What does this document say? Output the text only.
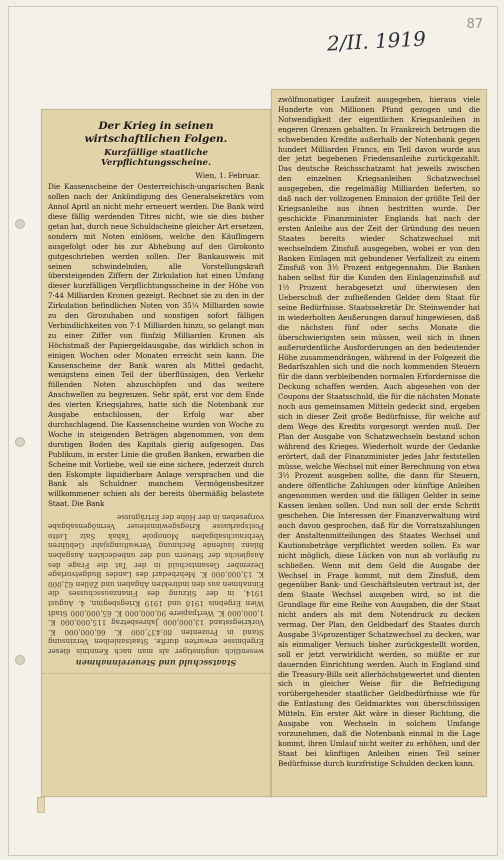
87
2/II. 1919
Der Krieg in seinen wirtschaftlichen Folgen.
Kurzfällige staatliche Verpflichtungsscheine.
Wien, 1. Februar.
Die Kassenscheine der Oesterreichisch-ungarischen Bank sollen nach der Ankündigung des Generalsekretärs vom Annol April an nicht mehr erneuert werden. Die Bank wird diese fällig werdenden Titres nicht, wie sie dies bisher getan hat, durch neue Schuldscheine gleicher Art ersetzen, sondern mit Noten einlösen, welche den Käuflingern ausgefolgt oder bis zur Abhebung auf den Girokonto gutgeschrieben werden sollen. Der Bankausweis mit seinen schwindelnden, alle Vorstellungskraft übersteigenden Ziffern der Zirkulation hat einen Umfang dieser kurzfälligen Verpflichtungsscheine in der Höhe von 7·44 Milliarden Kronen gezeigt. Rechnet sie zu den in der Zirkulation befindlichen Noten von 35¼ Milliarden sowie zu den Girozuhaben und sonstigen sofort fälligen Verbindlichkeiten von 7·1 Milliarden hinzu, so gelangt man zu einer Ziffer von fünfzig Milliarden Kronen als Höchstmaß der Papiergeldausgabe, das wirklich schon in einigen Wochen oder Monaten erreicht sein kann. Die Kassenscheine der Bank waren als Mittel gedacht, wenigstens einen Teil der überflüssigen, den Verkehr füllenden Noten abzuschöpfen und das weitere Anschwellen zu begrenzen. Sehr spät, erst vor dem Ende des vierten Kriegsjahres, hatte sich die Notenbank zur Ausgabe entschlossen, der Erfolg war aber durchschlagend. Die Kassenscheine wurden von Woche zu Woche in steigenden Beträgen abgenommen, von dem durstigen Boden des Kapitals gierig aufgesogen. Das Publikum, in erster Linie die großen Banken, erwarben die Scheine mit Vorliebe, weil sie eine sichere, jederzeit durch den Eskompte liquidierbare Anlage versprachen und die Bank als Schuldner manchem Vermögensbesitzer willkommener schien als der bereits übermäßig belastete Staat. Die Bank
Staatsschuld und Steuereinnahmen
wesentlich ungünstiger als man nach Kenntnis dieser Ergebnisse erwarten durfte. Staatsanleihen Verzinsung Stand in Prozenten 80,437,000 K. 66,000,000 K. Vorkriegsstand 13,000,000 Jahresbetrag 115,000,000 K. 1,000,000 K. Wertpapiere 90,000,000 K. 65,000,000 Stadt Wien Ergebnis 1918 und 1919 Kriegsbeginn, 4. August 1914, in der Sitzung des Finanzausschusses die Einnahmen aus den indirekten Abgaben und Zöllen 62,000 K. 13,000,000 K. Mehrbedarf des Landes Budgetvorlage Dezember Gesamtschuld in der Tat die Frage des Ausgleichs der Steuern und der unbedeckten Ausgaben Bilanz laufende Rechnung Verwaltungsjahr Gebühren Verbrauchsabgaben Monopole Tabak Salz Lotto Postsparkasse Kriegsgewinnsteuer Vermögensabgabe vorgesehen in der Höhe der Erträgnisse
zwölfmonatiger Laufzeit ausgegeben, hieraus viele Hunderte von Millionen Pfund gezogen und die Notwendigkeit der eigentlichen Kriegsanleihen in engeren Grenzen gehalten. In Frankreich betrugen die schwebenden Kredite außerhalb der Notenbank gegen hundert Milliarden Francs, ein Teil davon wurde aus der jetzt begebenen Friedensanleihe zurückgezahlt. Das deutsche Reichsschatzamt hat jeweils zwischen den einzelnen Kriegsanleihen Schatzwechsel ausgegeben, die regelmäßig Milliarden lieferten, so daß nach der vollzogenen Emission der größte Teil der Kriegsanleihe aus ihnen bestritten wurde. Der geschickte Finanzminister Englands hat nach der ersten Anleihe aus der Zeit der Gründung des neuen Staates bereits wieder Schatzwechsel mit wechselndem Zinsfuß ausgegeben, wobei er von den Banken Einlagen mit gebundener Verfallzeit zu einem Zinsfuß von 3½ Prozent entgegennahm. Die Banken haben selbst für die Kunden den Einlagenzinsfuß auf 1½ Prozent herabgesetzt und überwiesen den Ueberschuß der zufließenden Gelder dem Staat für seine Bedürfnisse. Staatssekretär Dr. Steinwender hat in wiederholten Aeußerungen darauf hingewiesen, daß die nächsten fünf oder sechs Monate die überschwierigsten sein müssen, weil sich in ihnen außerordentliche Ausforderungen an den bedeutender Höhe zusammendrängen, während in der Folgezeit die Bedarfszahlen sich und die noch kommenden Steuern für die dann verbleibenden normalen Erfordernisse die Deckung schaffen werden. Auch abgesehen von der Coupons der Staatsschuld, die für die nächsten Monate noch aus gemeinsamen Mitteln gedeckt sind, ergeben sich in dieser Zeit große Bedürfnisse, für welche auf dem Wege des Kredits vorgesorgt werden muß. Der Plan der Ausgabe von Schatzwechseln bestand schon während des Krieges. Wiederholt wurde der Gedanke erörtert, daß der Finanzminister jedes Jahr feststellen müsse, welche Wechsel mit einer Berechnung von etwa 3½ Prozent ausgeben sollte, die dann für Steuern, andere öffentliche Zahlungen oder künftige Anleihen angenommen werden und die fälligen Gelder in seine Kassen lenken sollen. Und nun soll der erste Schritt geschehen. Die Interessen der Finanzverwaltung wird auch davon gesprochen, daß für die Vorratszahlungen der Anstaltenmitteilungen des Staates Wechsel und Kautionsbeträge verpflichtet werden sollen. Es war nicht möglich, diese Lücken von nun ab vorläufig zu schließen. Wenn mit dem Geld die Ausgabe der Wechsel in Frage kommt, mit dem Zinsfuß, dem gegenüber Bank- und Geschäftsleuten vertraut ist, der dem Staate Wechsel ausgeben wird, so ist die Grundlage für eine Reihe von Ausgaben, die der Staat nicht anders als mit dem Notendruck zu decken vermag. Der Plan, den Geldbedarf des Staates durch Ausgabe 3¼prozentiger Schatzwechsel zu decken, war als einmaliger Versuch bisher zurückgestellt worden, soll er jetzt verwirklicht werden, so müßte er zur dauernden Einrichtung werden. Auch in England sind die Treasury-Bills seit allerhöchstgewertet und dienten sich in gleicher Weise für die Befriedigung vorübergehender staatlicher Geldbedürfnisse wie für die Entlastung des Geldmarktes von überschüssigen Mitteln. Ein erster Akt wäre in dieser Richtung, die Ausgabe von Wechseln in solchem Umfange vorzunehmen, daß die Notenbank einmal in die Lage kommt, ihren Umlauf nicht weiter zu erhöhen, und der Staat bei künftigen Anleihen einen Teil seiner Bedürfnisse durch kurzfristige Schulden decken kann.
